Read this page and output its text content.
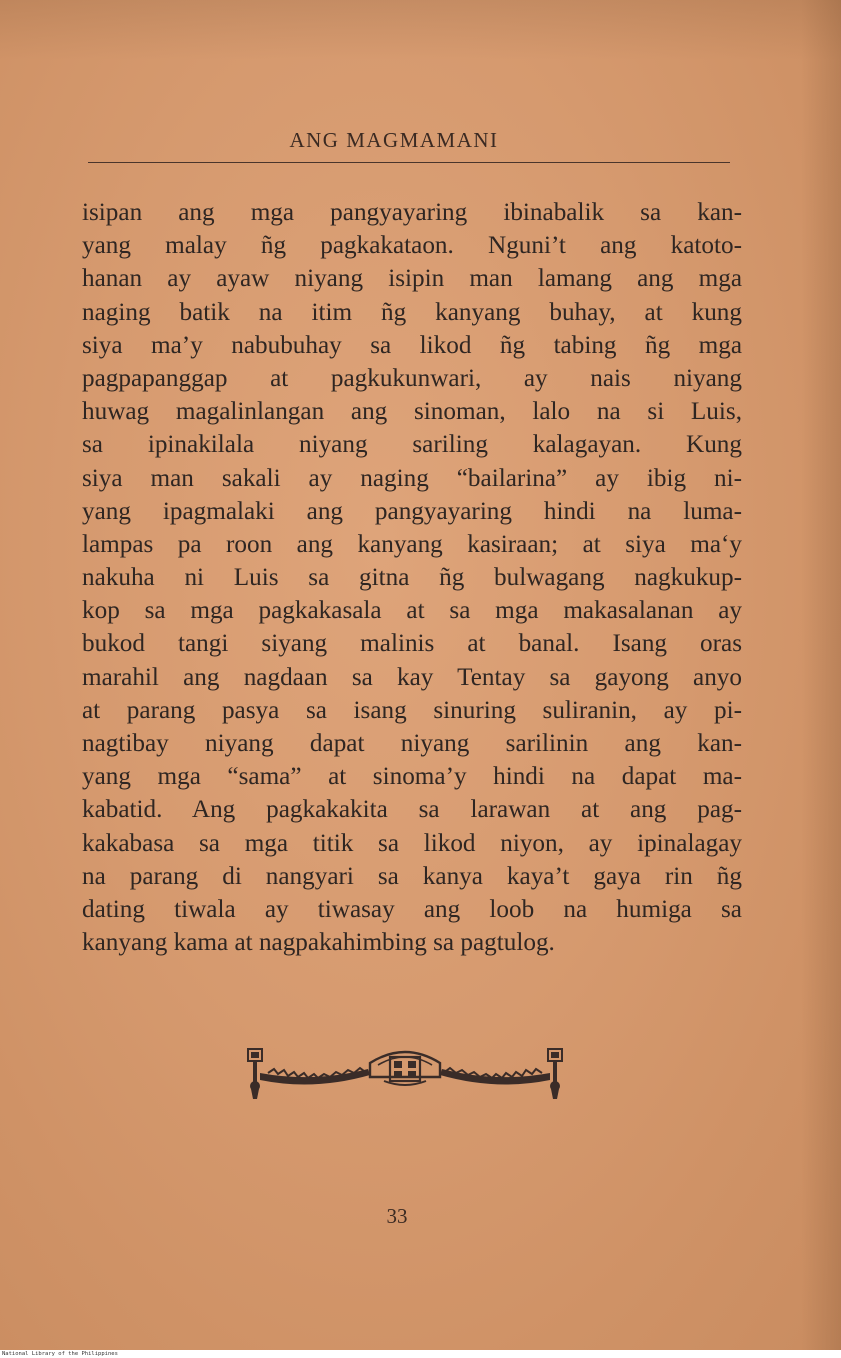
ANG MAGMAMANI
isipan ang mga pangyayaring ibinabalik sa kan-
yang malay ñg pagkakataon. Nguni’t ang katoto-
hanan ay ayaw niyang isipin man lamang ang mga
naging batik na itim ñg kanyang buhay, at kung
siya ma’y nabubuhay sa likod ñg tabing ñg mga
pagpapanggap at pagkukunwari, ay nais niyang
huwag magalinlangan ang sinoman, lalo na si Luis,
sa ipinakilala niyang sariling kalagayan. Kung
siya man sakali ay naging “bailarina” ay ibig ni-
yang ipagmalaki ang pangyayaring hindi na luma-
lampas pa roon ang kanyang kasiraan; at siya ma‘y
nakuha ni Luis sa gitna ñg bulwagang nagkukup-
kop sa mga pagkakasala at sa mga makasalanan ay
bukod tangi siyang malinis at banal. Isang oras
marahil ang nagdaan sa kay Tentay sa gayong anyo
at parang pasya sa isang sinuring suliranin, ay pi-
nagtibay niyang dapat niyang sarilinin ang kan-
yang mga “sama” at sinoma’y hindi na dapat ma-
kabatid. Ang pagkakakita sa larawan at ang pag-
kakabasa sa mga titik sa likod niyon, ay ipinalagay
na parang di nangyari sa kanya kaya’t gaya rin ñg
dating tiwala ay tiwasay ang loob na humiga sa
kanyang kama at nagpakahimbing sa pagtulog.
33
National Library of the Philippines
